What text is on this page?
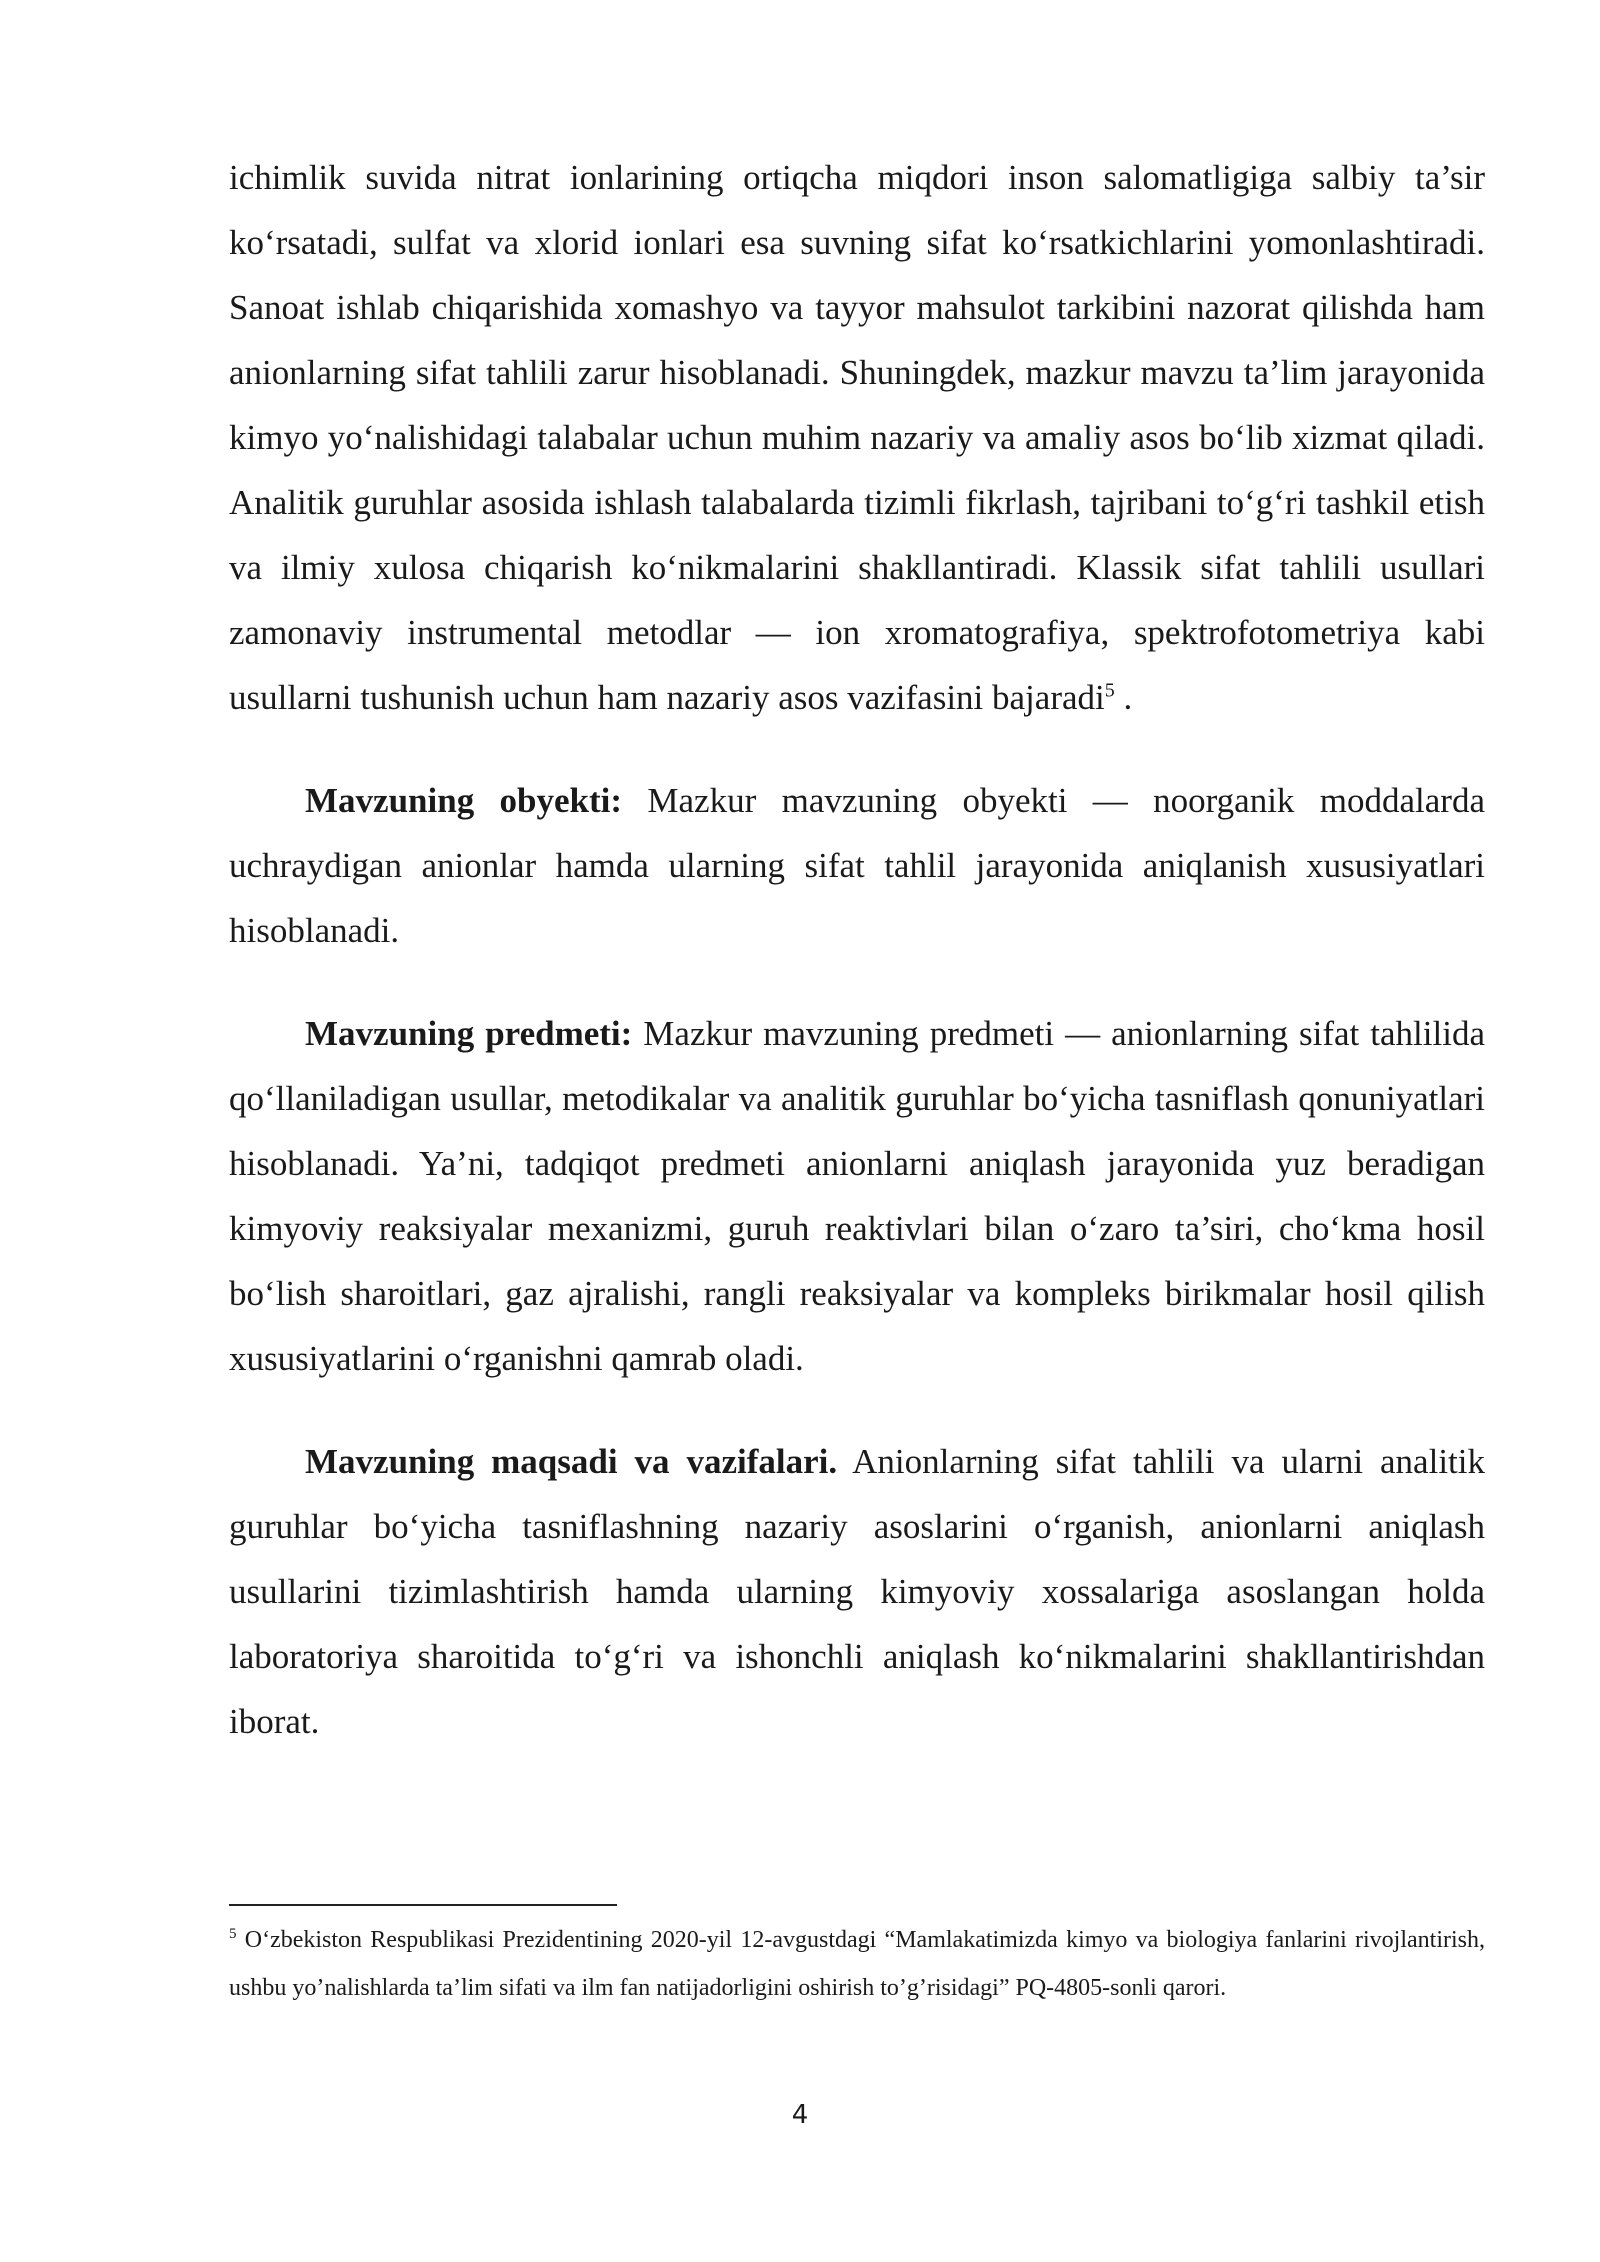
ichimlik suvida nitrat ionlarining ortiqcha miqdori inson salomatligiga salbiy ta’sir ko‘rsatadi, sulfat va xlorid ionlari esa suvning sifat ko‘rsatkichlarini yomonlashtiradi. Sanoat ishlab chiqarishida xomashyo va tayyor mahsulot tarkibini nazorat qilishda ham anionlarning sifat tahlili zarur hisoblanadi. Shuningdek, mazkur mavzu ta’lim jarayonida kimyo yo‘nalishidagi talabalar uchun muhim nazariy va amaliy asos bo‘lib xizmat qiladi. Analitik guruhlar asosida ishlash talabalarda tizimli fikrlash, tajribani to‘g‘ri tashkil etish va ilmiy xulosa chiqarish ko‘nikmalarini shakllantiradi. Klassik sifat tahlili usullari zamonaviy instrumental metodlar — ion xromatografiya, spektrofotometriya kabi usullarni tushunish uchun ham nazariy asos vazifasini bajaradi$^5$ .

Mavzuning obyekti: Mazkur mavzuning obyekti — noorganik moddalarda uchraydigan anionlar hamda ularning sifat tahlil jarayonida aniqlanish xususiyatlari hisoblanadi.

Mavzuning predmeti: Mazkur mavzuning predmeti — anionlarning sifat tahlilida qo‘llaniladigan usullar, metodikalar va analitik guruhlar bo‘yicha tasniflash qonuniyatlari hisoblanadi. Ya’ni, tadqiqot predmeti anionlarni aniqlash jarayonida yuz beradigan kimyoviy reaksiyalar mexanizmi, guruh reaktivlari bilan o‘zaro ta’siri, cho‘kma hosil bo‘lish sharoitlari, gaz ajralishi, rangli reaksiyalar va kompleks birikmalar hosil qilish xususiyatlarini o‘rganishni qamrab oladi.

Mavzuning maqsadi va vazifalari. Anionlarning sifat tahlili va ularni analitik guruhlar bo‘yicha tasniflashning nazariy asoslarini o‘rganish, anionlarni aniqlash usullarini tizimlashtirish hamda ularning kimyoviy xossalariga asoslangan holda laboratoriya sharoitida to‘g‘ri va ishonchli aniqlash ko‘nikmalarini shakllantirishdan iborat.

$^5$ O‘zbekiston Respublikasi Prezidentining 2020-yil 12-avgustdagi “Mamlakatimizda kimyo va biologiya fanlarini rivojlantirish, ushbu yo’nalishlarda ta’lim sifati va ilm fan natijadorligini oshirish to’g’risidagi” PQ-4805-sonli qarori.

4
